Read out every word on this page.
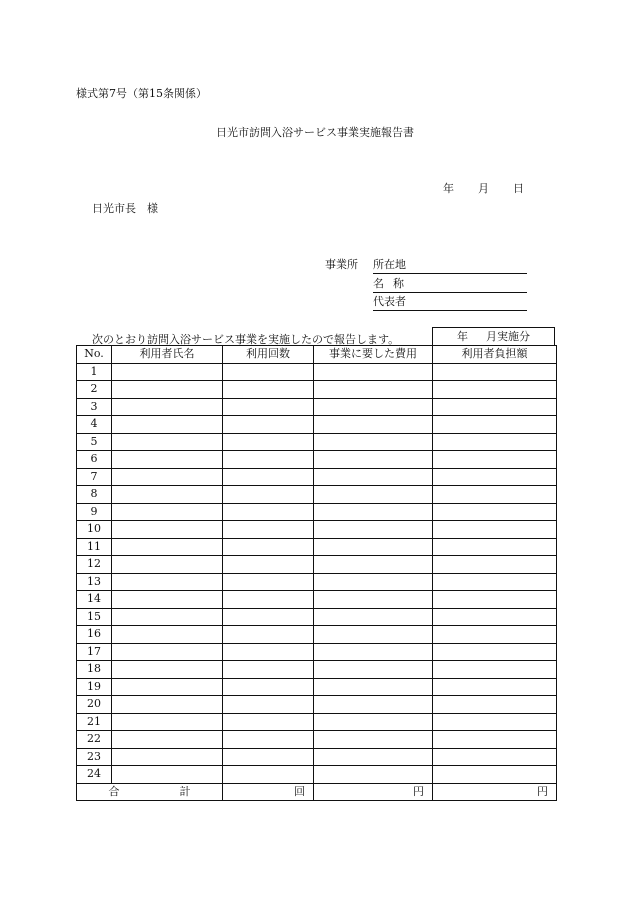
様式第7号（第15条関係）
日光市訪問入浴サービス事業実施報告書
年 月 日
日光市長　様
事業所 所在地
名 称
代表者
次のとおり訪問入浴サービス事業を実施したので報告します。	年 月実施分
No.	利用者氏名	利用回数	事業に要した費用	利用者負担額
1				
2				
3				
4				
5				
6				
7				
8				
9				
10				
11				
12				
13				
14				
15				
16				
17				
18				
19				
20				
21				
22				
23				
24				
合 計		回	円	円
